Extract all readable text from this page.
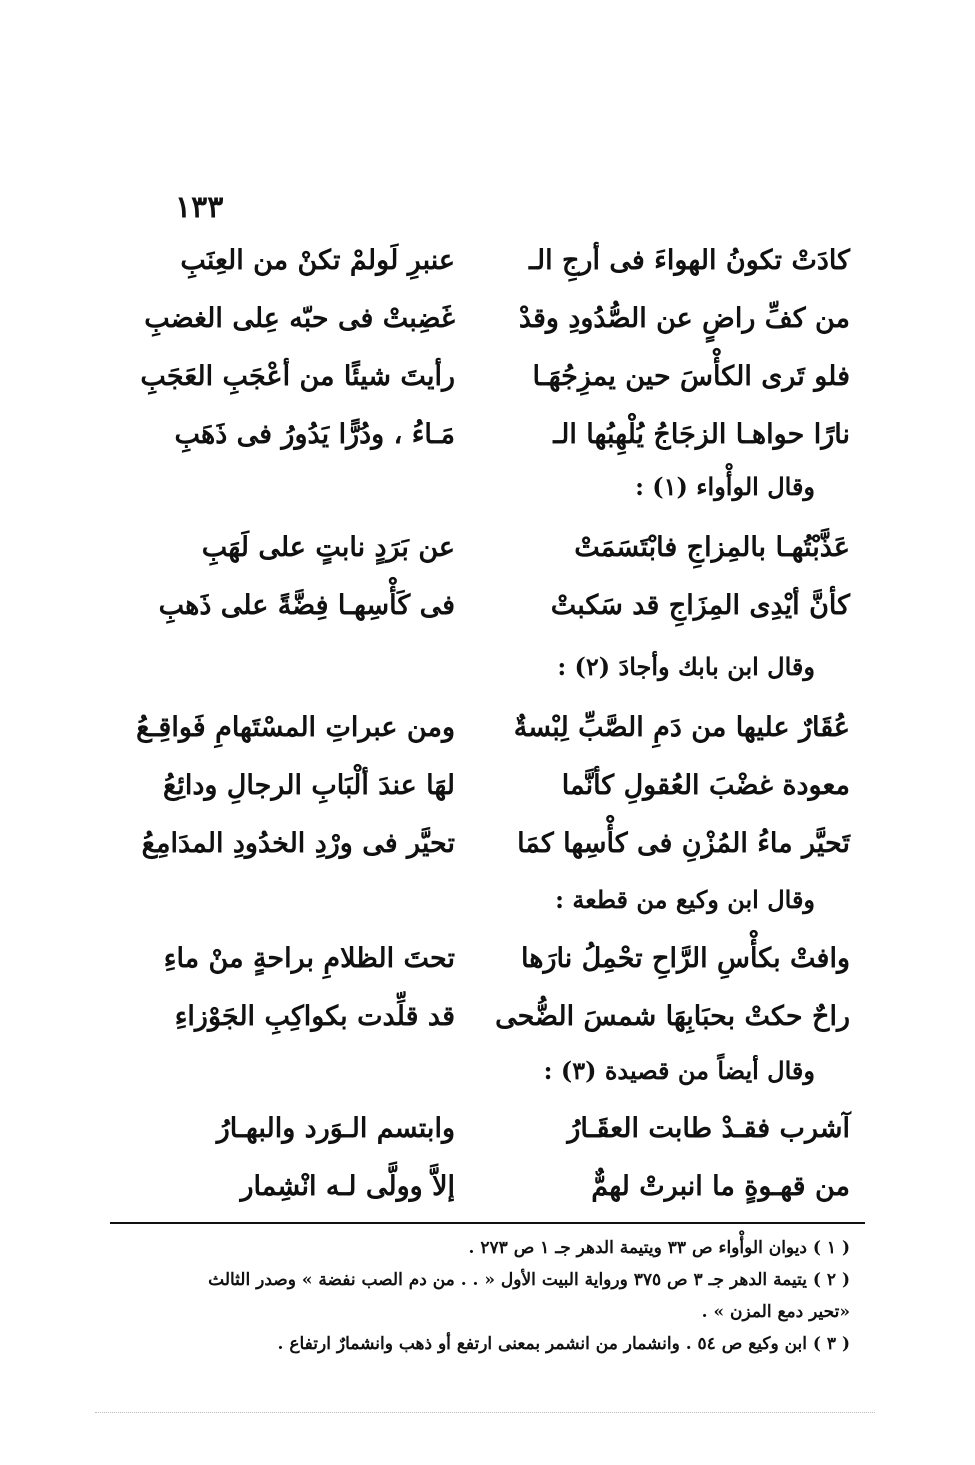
١٣٣
كادَتْ تكونُ الهواءَ فى أرجِ الـ
عنبرِ لَولمْ تكنْ من العِنَبِ
من كفِّ راضٍ عن الصُّدُودِ وقدْ
غَضِبتْ فى حبّه عِلى الغضبِ
فلو تَرى الكأْسَ حين يمزِجُهَـا
رأيتَ شيئًا من أعْجَبِ العَجَبِ
نارًا حواهـا الزجَاجُ يُلْهِبُها الـ
مَـاءُ ، ودُرًّا يَدُورُ فى ذَهَبِ
وقال الوأْواء (١) :
عَذَّبْتُهـا بالمِزاجِ فابْتَسَمَتْ
عن بَرَدٍ نابتٍ على لَهَبِ
كأنَّ أيْدِى المِزَاجِ قد سَكبتْ
فى كَأْسِهـا فِضَّةً على ذَهبِ
وقال ابن بابك وأجادَ (٢) :
عُقَارٌ عليها من دَمِ الصَّبِّ لِبْسةٌ
ومن عبراتِ المسْتَهامِ فَواقِـعُ
معودة غضْبَ العُقولِ كأنَّما
لهَا عندَ ألْبَابِ الرجالِ ودائِعُ
تَحيَّر ماءُ المُزْنِ فى كأْسِها كمَا
تحيَّر فى ورْدِ الخدُودِ المدَامِعُ
وقال ابن وكيع من قطعة :
وافتْ بكأْسِ الرَّاحِ تحْمِلُ نارَها
تحتَ الظلامِ براحةٍ منْ ماءِ
راحٌ حكتْ بحبَابِهَا شمسَ الضُّحى
قد قلِّدت بكواكِبِ الجَوْزاءِ
وقال أيضاً من قصيدة (٣) :
آشرب فقـدْ طابت العقَـارُ
وابتسم الـوَرد والبهـارُ
من قهـوةٍ ما انبرتْ لهمٌّ
إلاَّ وولَّى لـه انْشِمار
( ١ ) ديوان الوأْواء ص ٣٣ ويتيمة الدهر جـ ١ ص ٢٧٣ .
( ٢ ) يتيمة الدهر جـ ٣ ص ٣٧٥ ورواية البيت الأول « . . من دم الصب نفضة » وصدر الثالث
«تحير دمع المزن » .
( ٣ ) ابن وكيع ص ٥٤ . وانشمار من انشمر بمعنى ارتفع أو ذهب وانشمارٌ ارتفاع .
